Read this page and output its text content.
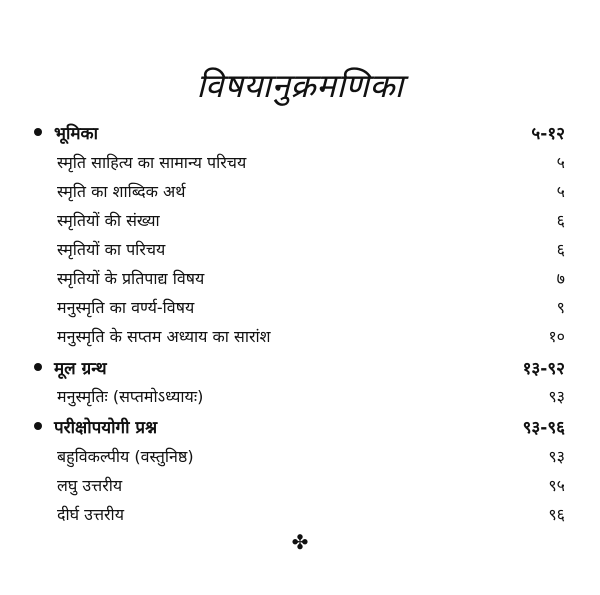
विषयानुक्रमणिका
भूमिका	५-१२
स्मृति साहित्य का सामान्य परिचय	५
स्मृति का शाब्दिक अर्थ	५
स्मृतियों की संख्या	६
स्मृतियों का परिचय	६
स्मृतियों के प्रतिपाद्य विषय	७
मनुस्मृति का वर्ण्य-विषय	९
मनुस्मृति के सप्तम अध्याय का सारांश	१०
मूल ग्रन्थ	१३-९२
मनुस्मृतिः (सप्तमोऽध्यायः)	९३
परीक्षोपयोगी प्रश्न	९३-९६
बहुविकल्पीय (वस्तुनिष्ठ)	९३
लघु उत्तरीय	९५
दीर्घ उत्तरीय	९६
✤
